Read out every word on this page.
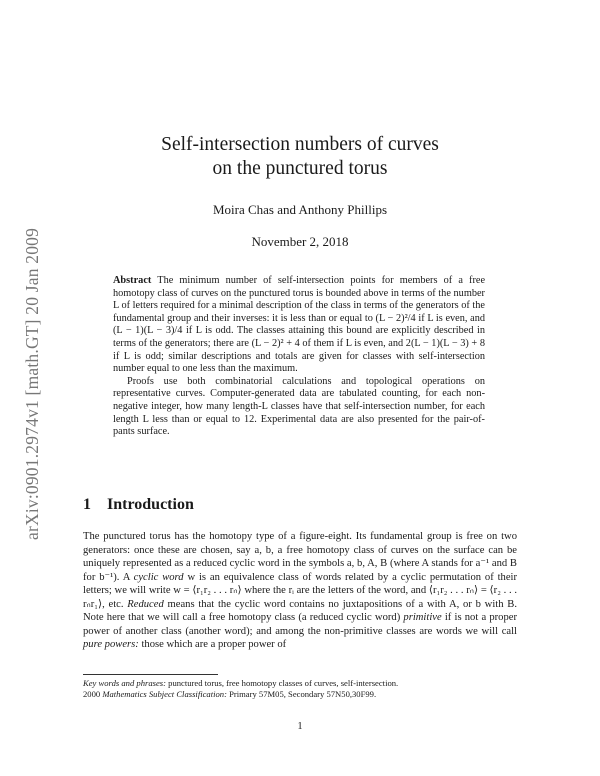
arXiv:0901.2974v1 [math.GT] 20 Jan 2009
Self-intersection numbers of curves
on the punctured torus
Moira Chas and Anthony Phillips
November 2, 2018

Abstract The minimum number of self-intersection points for members of a free homotopy class of curves on the punctured torus is bounded above in terms of the number L of letters required for a minimal description of the class in terms of the generators of the fundamental group and their inverses: it is less than or equal to (L − 2)²/4 if L is even, and (L − 1)(L − 3)/4 if L is odd. The classes attaining this bound are explicitly described in terms of the generators; there are (L − 2)² + 4 of them if L is even, and 2(L − 1)(L − 3) + 8 if L is odd; similar descriptions and totals are given for classes with self-intersection number equal to one less than the maximum.

Proofs use both combinatorial calculations and topological operations on representative curves. Computer-generated data are tabulated counting, for each non-negative integer, how many length-L classes have that self-intersection number, for each length L less than or equal to 12. Experimental data are also presented for the pair-of-pants surface.

1 Introduction

The punctured torus has the homotopy type of a figure-eight. Its fundamental group is free on two generators: once these are chosen, say a, b, a free homotopy class of curves on the surface can be uniquely represented as a reduced cyclic word in the symbols a, b, A, B (where A stands for a⁻¹ and B for b⁻¹). A cyclic word w is an equivalence class of words related by a cyclic permutation of their letters; we will write w = ⟨r₁r₂ . . . rₙ⟩ where the rᵢ are the letters of the word, and ⟨r₁r₂ . . . rₙ⟩ = ⟨r₂ . . . rₙr₁⟩, etc. Reduced means that the cyclic word contains no juxtapositions of a with A, or b with B. Note here that we will call a free homotopy class (a reduced cyclic word) primitive if is not a proper power of another class (another word); and among the non-primitive classes are words we will call pure powers: those which are a proper power of

Key words and phrases: punctured torus, free homotopy classes of curves, self-intersection.

2000 Mathematics Subject Classification: Primary 57M05, Secondary 57N50,30F99.

1
